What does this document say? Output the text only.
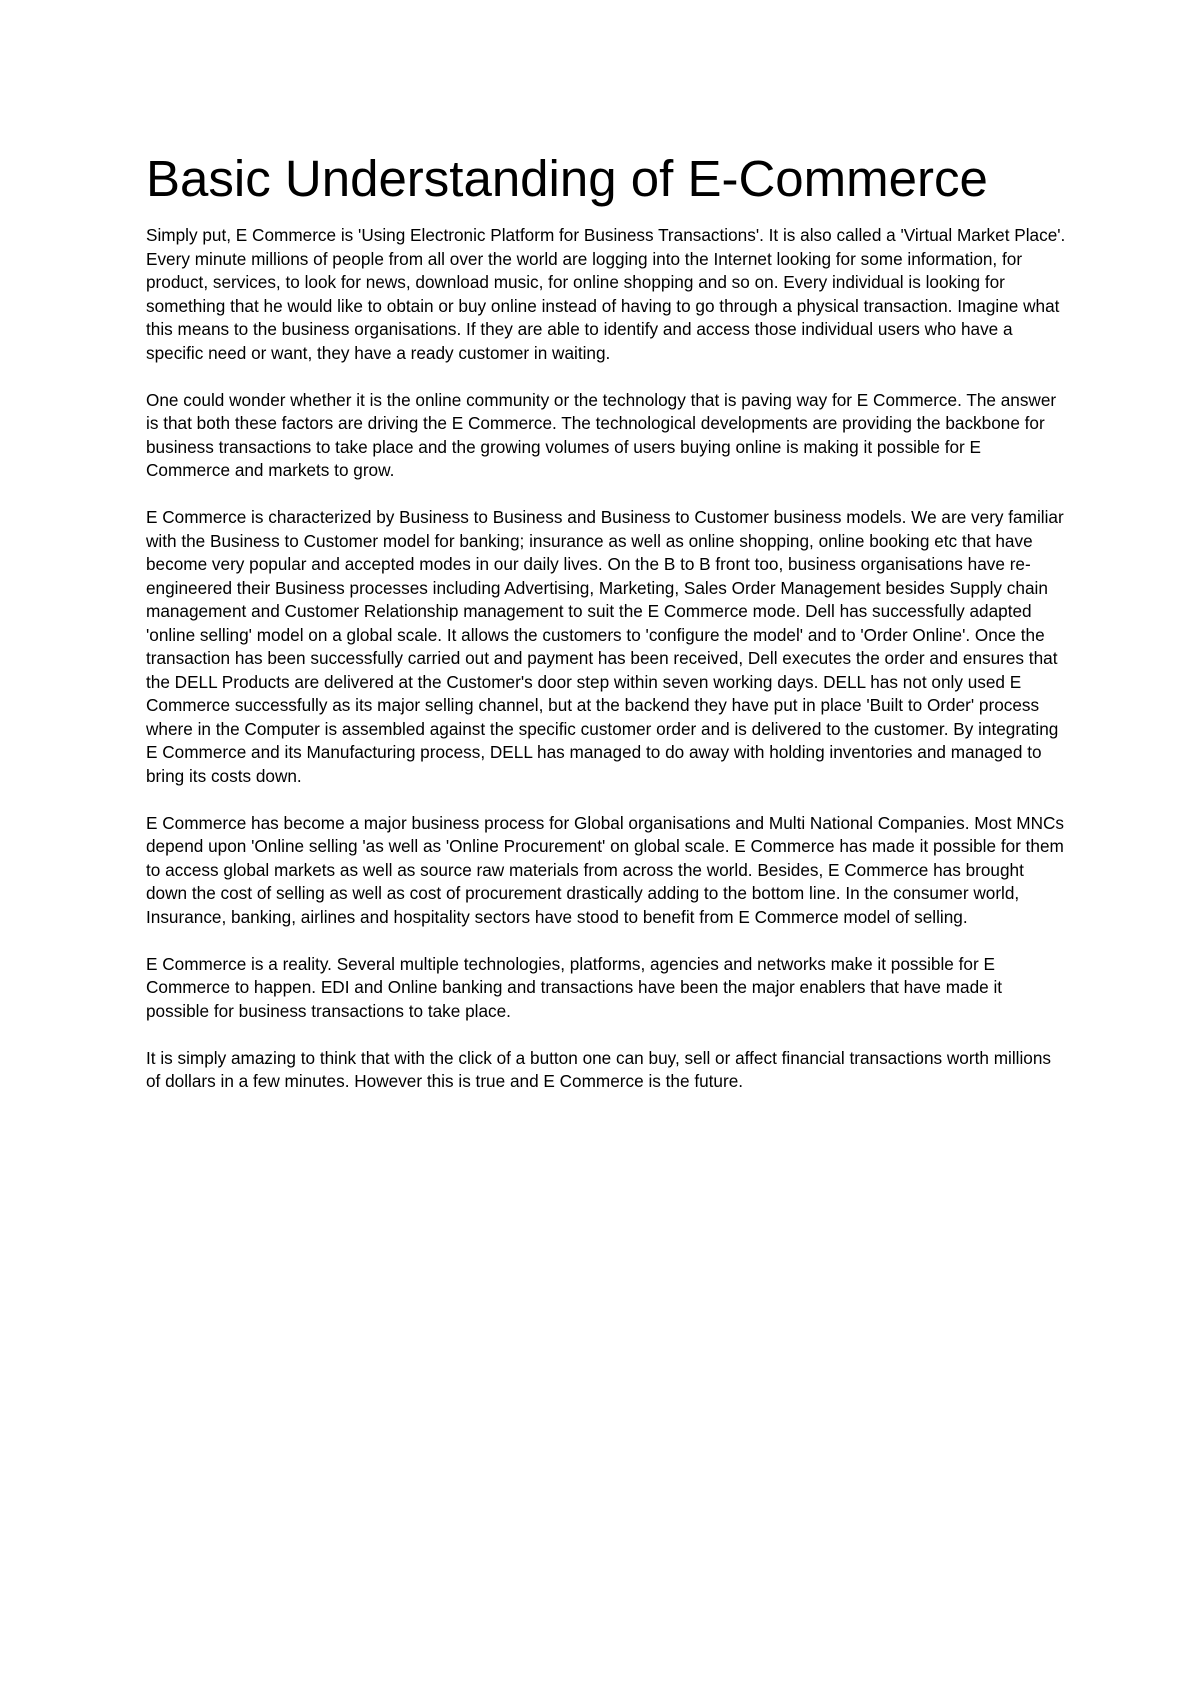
Basic Understanding of E-Commerce

Simply put, E Commerce is 'Using Electronic Platform for Business Transactions'. It is also called a 'Virtual Market Place'. Every minute millions of people from all over the world are logging into the Internet looking for some information, for product, services, to look for news, download music, for online shopping and so on. Every individual is looking for something that he would like to obtain or buy online instead of having to go through a physical transaction. Imagine what this means to the business organisations. If they are able to identify and access those individual users who have a specific need or want, they have a ready customer in waiting.

One could wonder whether it is the online community or the technology that is paving way for E Commerce. The answer is that both these factors are driving the E Commerce. The technological developments are providing the backbone for business transactions to take place and the growing volumes of users buying online is making it possible for E Commerce and markets to grow.

E Commerce is characterized by Business to Business and Business to Customer business models. We are very familiar with the Business to Customer model for banking; insurance as well as online shopping, online booking etc that have become very popular and accepted modes in our daily lives. On the B to B front too, business organisations have re-engineered their Business processes including Advertising, Marketing, Sales Order Management besides Supply chain management and Customer Relationship management to suit the E Commerce mode. Dell has successfully adapted 'online selling' model on a global scale. It allows the customers to 'configure the model' and to 'Order Online'. Once the transaction has been successfully carried out and payment has been received, Dell executes the order and ensures that the DELL Products are delivered at the Customer's door step within seven working days. DELL has not only used E Commerce successfully as its major selling channel, but at the backend they have put in place 'Built to Order' process where in the Computer is assembled against the specific customer order and is delivered to the customer. By integrating E Commerce and its Manufacturing process, DELL has managed to do away with holding inventories and managed to bring its costs down.

E Commerce has become a major business process for Global organisations and Multi National Companies. Most MNCs depend upon 'Online selling 'as well as 'Online Procurement' on global scale. E Commerce has made it possible for them to access global markets as well as source raw materials from across the world. Besides, E Commerce has brought down the cost of selling as well as cost of procurement drastically adding to the bottom line. In the consumer world, Insurance, banking, airlines and hospitality sectors have stood to benefit from E Commerce model of selling.

E Commerce is a reality. Several multiple technologies, platforms, agencies and networks make it possible for E Commerce to happen. EDI and Online banking and transactions have been the major enablers that have made it possible for business transactions to take place.

It is simply amazing to think that with the click of a button one can buy, sell or affect financial transactions worth millions of dollars in a few minutes. However this is true and E Commerce is the future.
